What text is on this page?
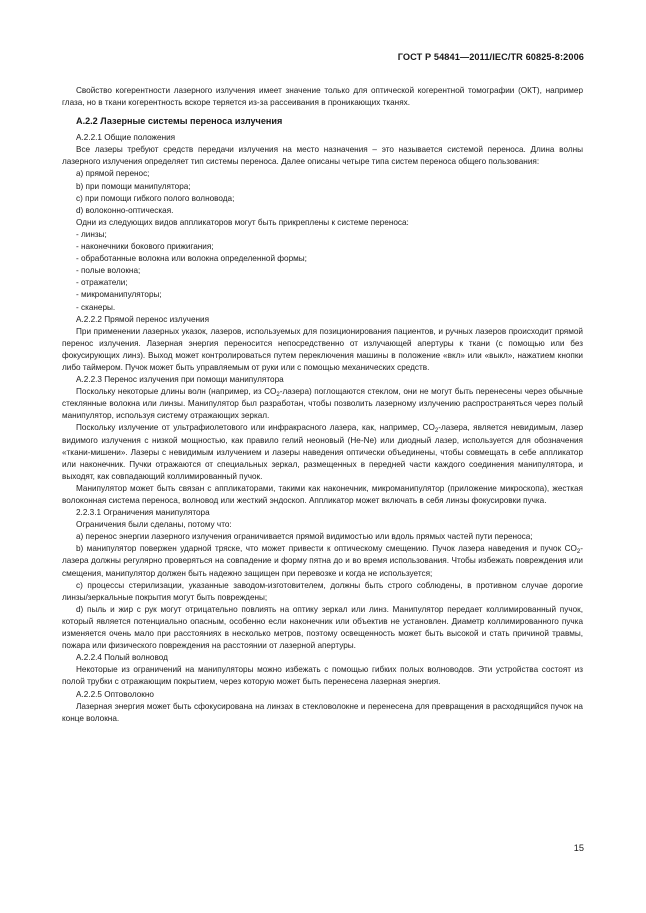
ГОСТ Р 54841—2011/IEC/TR 60825-8:2006

Свойство когерентности лазерного излучения имеет значение только для оптической когерентной томографии (ОКТ), например глаза, но в ткани когерентность вскоре теряется из-за рассеивания в проникающих тканях.

А.2.2 Лазерные системы переноса излучения

А.2.2.1 Общие положения

Все лазеры требуют средств передачи излучения на место назначения – это называется системой переноса. Длина волны лазерного излучения определяет тип системы переноса. Далее описаны четыре типа систем переноса общего пользования:

а) прямой перенос;

b) при помощи манипулятора;

с) при помощи гибкого полого волновода;

d) волоконно-оптическая.

Одни из следующих видов аппликаторов могут быть прикреплены к системе переноса:

- линзы;

- наконечники бокового прижигания;

- обработанные волокна или волокна определенной формы;

- полые волокна;

- отражатели;

- микроманипуляторы;

- сканеры.

А.2.2.2 Прямой перенос излучения

При применении лазерных указок, лазеров, используемых для позиционирования пациентов, и ручных лазеров происходит прямой перенос излучения. Лазерная энергия переносится непосредственно от излучающей апертуры к ткани (с помощью или без фокусирующих линз). Выход может контролироваться путем переключения машины в положение «вкл» или «выкл», нажатием кнопки либо таймером. Пучок может быть управляемым от руки или с помощью механических средств.

А.2.2.3 Перенос излучения при помощи манипулятора

Поскольку некоторые длины волн (например, из $CO_2-лазера$) поглощаются стеклом, они не могут быть перенесены через обычные стеклянные волокна или линзы. Манипулятор был разработан, чтобы позволить лазерному излучению распространяться через полый манипулятор, используя систему отражающих зеркал.

Поскольку излучение от ультрафиолетового или инфракрасного лазера, как, например, $CO_2$-лазера, является невидимым, лазер видимого излучения с низкой мощностью, как правило гелий неоновый (He-Ne) или диодный лазер, используется для обозначения «ткани-мишени». Лазеры с невидимым излучением и лазеры наведения оптически объединены, чтобы совмещать в себе аппликатор или наконечник. Пучки отражаются от специальных зеркал, размещенных в передней части каждого соединения манипулятора, и выходят, как совпадающий коллимированный пучок.

Манипулятор может быть связан с аппликаторами, такими как наконечник, микроманипулятор (приложение микроскопа), жесткая волоконная система переноса, волновод или жесткий эндоскоп. Аппликатор может включать в себя линзы фокусировки пучка.

2.2.3.1 Ограничения манипулятора

Ограничения были сделаны, потому что:

а) перенос энергии лазерного излучения ограничивается прямой видимостью или вдоль прямых частей пути переноса;

b) манипулятор повержен ударной тряске, что может привести к оптическому смещению. Пучок лазера наведения и пучок $CO_2$-лазера должны регулярно проверяться на совпадение и форму пятна до и во время использования. Чтобы избежать повреждения или смещения, манипулятор должен быть надежно защищен при перевозке и когда не используется;

с) процессы стерилизации, указанные заводом-изготовителем, должны быть строго соблюдены, в противном случае дорогие линзы/зеркальные покрытия могут быть повреждены;

d) пыль и жир с рук могут отрицательно повлиять на оптику зеркал или линз. Манипулятор передает коллимированный пучок, который является потенциально опасным, особенно если наконечник или объектив не установлен. Диаметр коллимированного пучка изменяется очень мало при расстояниях в несколько метров, поэтому освещенность может быть высокой и стать причиной травмы, пожара или физического повреждения на расстоянии от лазерной апертуры.

А.2.2.4 Полый волновод

Некоторые из ограничений на манипуляторы можно избежать с помощью гибких полых волноводов. Эти устройства состоят из полой трубки с отражающим покрытием, через которую может быть перенесена лазерная энергия.

А.2.2.5 Оптоволокно

Лазерная энергия может быть сфокусирована на линзах в стекловолокне и перенесена для превращения в расходящийся пучок на конце волокна.

15
